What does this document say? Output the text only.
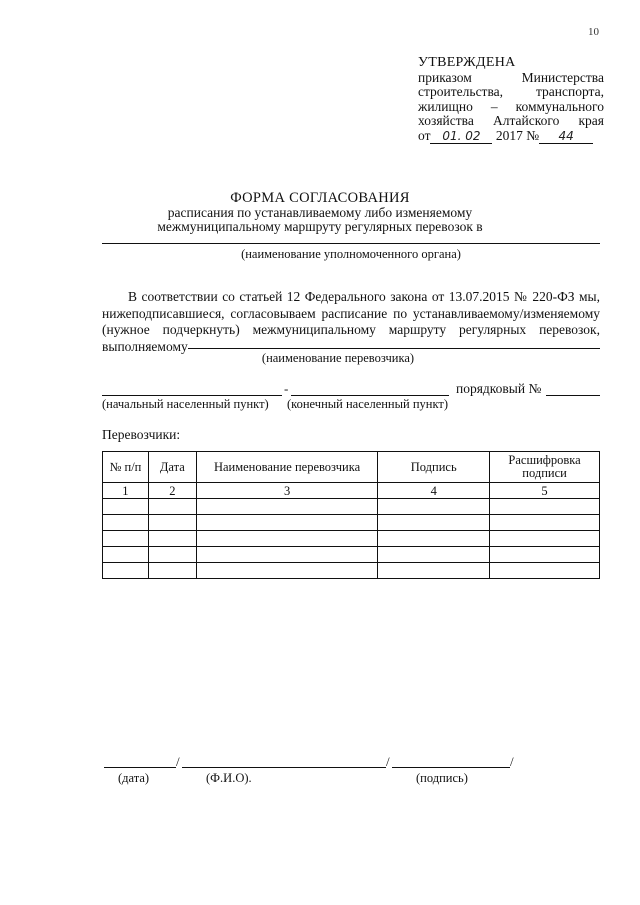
10
УТВЕРЖДЕНА
приказом Министерства
строительства, транспорта,
жилищно – коммунального
хозяйства Алтайского края
от 01. 02 2017 № 44
ФОРМА СОГЛАСОВАНИЯ
расписания по устанавливаемому либо изменяемому
межмуниципальному маршруту регулярных перевозок в
(наименование уполномоченного органа)
В соответствии со статьей 12 Федерального закона от 13.07.2015 № 220-ФЗ мы,
нижеподписавшиеся, согласовываем расписание по устанавливаемому/изменяемому
(нужное подчеркнуть) межмуниципальному маршруту регулярных перевозок,
выполняемому
(наименование перевозчика)
-	порядковый №
(начальный населенный пункт) (конечный населенный пункт)
Перевозчики:
№ п/п	Дата	Наименование перевозчика	Подпись	Расшифровка подписи
1	2	3	4	5

/	/	/
(дата)	(Ф.И.О).	(подпись)
